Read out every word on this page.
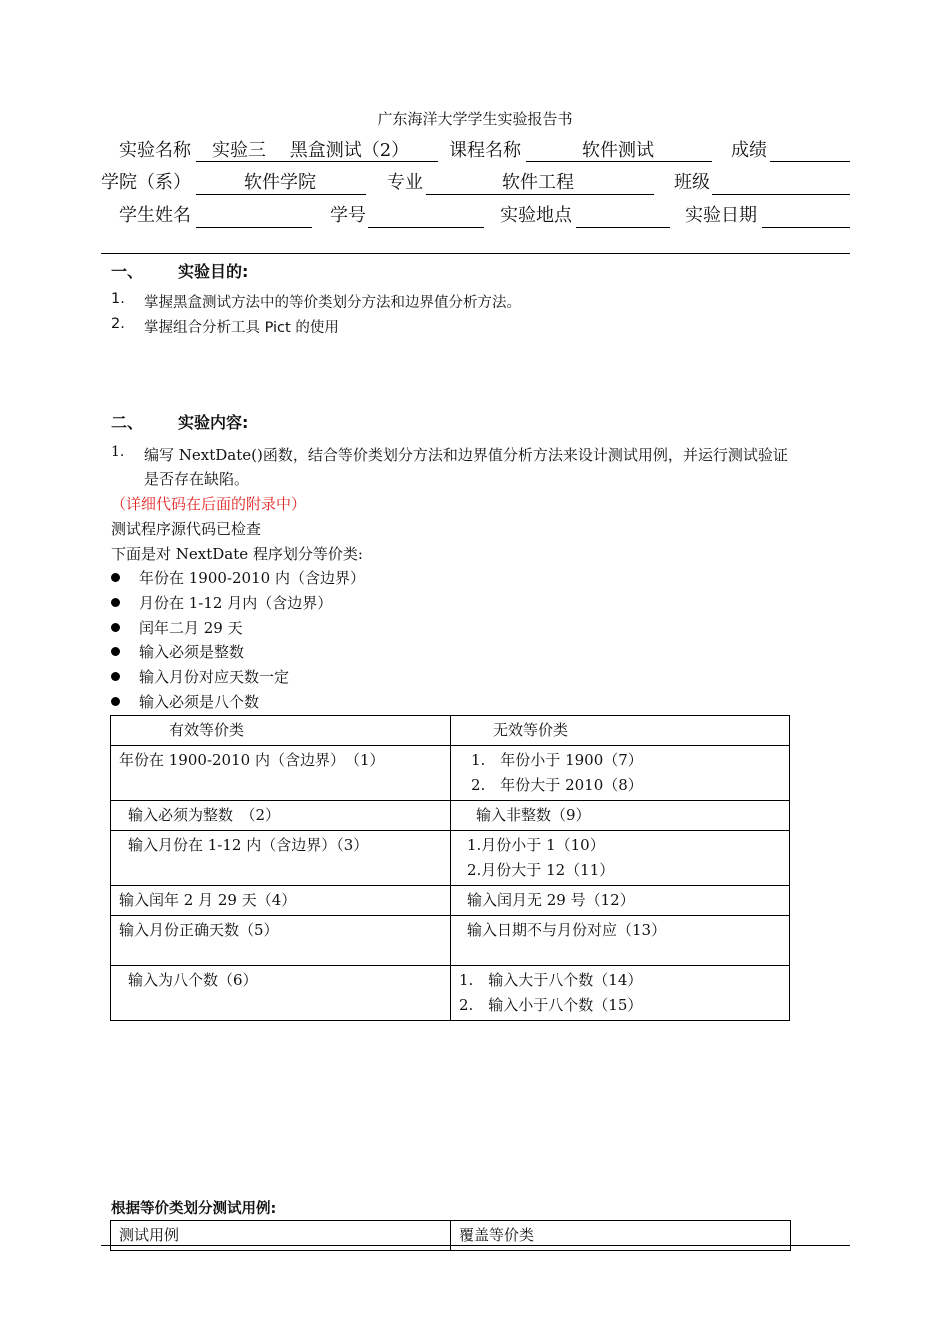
广东海洋大学学生实验报告书
实验名称 实验三　 黑盒测试（2） 课程名称	软件测试	成绩
学院（系）	软件学院	专业	软件工程	班级
学生姓名	学号	实验地点	实验日期
一、 实验目的:
1. 掌握黑盒测试方法中的等价类划分方法和边界值分析方法。
2. 掌握组合分析工具 Pict 的使用
二、 实验内容:
1. 编写 NextDate()函数，结合等价类划分方法和边界值分析方法来设计测试用例，并运行测试验证
是否存在缺陷。
（详细代码在后面的附录中）
测试程序源代码已检查
下面是对 NextDate 程序划分等价类:
年份在 1900-2010 内（含边界）
月份在 1-12 月内（含边界）
闰年二月 29 天
输入必须是整数
输入月份对应天数一定
输入必须是八个数
有效等价类	无效等价类
年份在 1900-2010 内（含边界）　（1）	1.　年份小于 1900（7）
2.　年份大于 2010（8）

输入必须为整数　（2）	输入非整数（9）

输入月份在 1-12 内（含边界）（3）	1.月份小于 1（10）
2.月份大于 12（11）

输入闰年 2 月 29 天（4）	输入闰月无 29 号（12）

输入月份正确天数（5）	输入日期不与月份对应（13）

输入为八个数（6）	1.　输入大于八个数（14）
2.　输入小于八个数（15）
根据等价类划分测试用例:
测试用例	覆盖等价类
